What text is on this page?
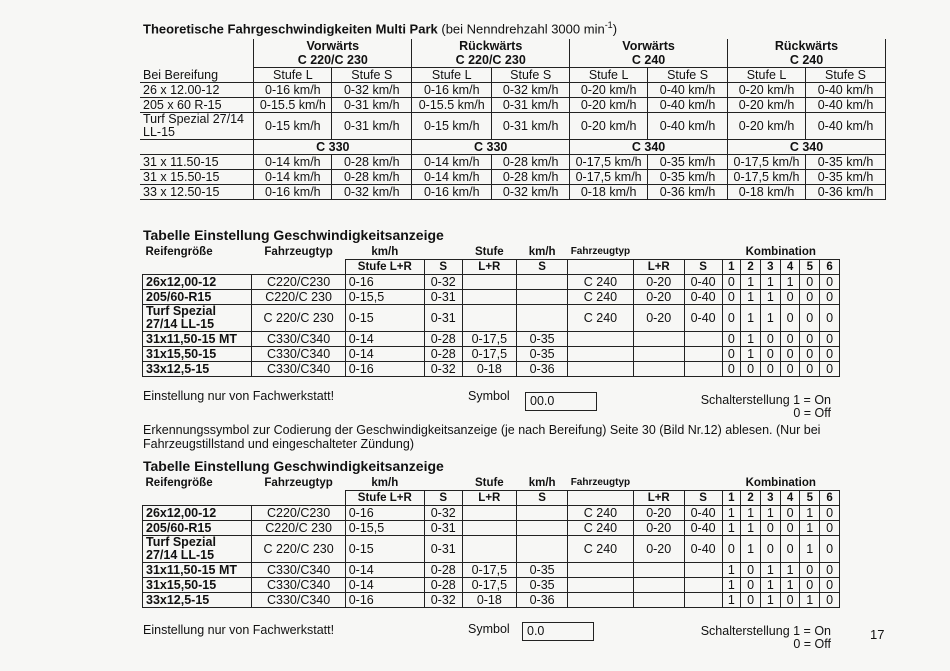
Theoretische Fahrgeschwindigkeiten Multi Park (bei Nenndrehzahl 3000 $\min^{-1}$)
	Vorwärts		Rückwärts		Vorwärts		Rückwärts	
	C 220/C 230		C 220/C 230		C 240		C 240	
Bei Bereifung	Stufe L	Stufe S	Stufe L	Stufe S	Stufe L	Stufe S	Stufe L	Stufe S
26 x 12.00-12	0-16 km/h	0-32 km/h	0-16 km/h	0-32 km/h	0-20 km/h	0-40 km/h	0-20 km/h	0-40 km/h
205 x 60 R-15	0-15.5 km/h	0-31 km/h	0-15.5 km/h	0-31 km/h	0-20 km/h	0-40 km/h	0-20 km/h	0-40 km/h
Turf Spezial 27/14 LL-15	0-15 km/h	0-31 km/h	0-15 km/h	0-31 km/h	0-20 km/h	0-40 km/h	0-20 km/h	0-40 km/h
	C 330		C 330		C 340		C 340	
31 x 11.50-15	0-14 km/h	0-28 km/h	0-14 km/h	0-28 km/h	0-17,5 km/h	0-35 km/h	0-17,5 km/h	0-35 km/h
31 x 15.50-15	0-14 km/h	0-28 km/h	0-14 km/h	0-28 km/h	0-17,5 km/h	0-35 km/h	0-17,5 km/h	0-35 km/h
33 x 12.50-15	0-16 km/h	0-32 km/h	0-16 km/h	0-32 km/h	0-18 km/h	0-36 km/h	0-18 km/h	0-36 km/h
Tabelle Einstellung Geschwindigkeitsanzeige
Reifengröße	Fahrzeugtyp	km/h		Stufe	km/h	Fahrzeugtyp			Kombination					
		Stufe L+R	S	L+R	S		L+R	S	1	2	3	4	5	6
26x12,00-12	C220/C230	0-16	0-32			C 240	0-20	0-40	0	1	1	1	0	0
205/60-R15	C220/C 230	0-15,5	0-31			C 240	0-20	0-40	0	1	1	0	0	0
Turf Spezial 27/14 LL-15	C 220/C 230	0-15	0-31			C 240	0-20	0-40	0	1	1	0	0	0
31x11,50-15 MT	C330/C340	0-14	0-28	0-17,5	0-35				0	1	0	0	0	0
31x15,50-15	C330/C340	0-14	0-28	0-17,5	0-35				0	1	0	0	0	0
33x12,5-15	C330/C340	0-16	0-32	0-18	0-36				0	0	0	0	0	0
Einstellung nur von Fachwerkstatt!	Symbol	00.0	Schalterstellung 1 = On
0 = Off
Erkennungssymbol zur Codierung der Geschwindigkeitsanzeige (je nach Bereifung) Seite 30 (Bild Nr.12) ablesen. (Nur bei Fahrzeugstillstand und eingeschalteter Zündung)
Tabelle Einstellung Geschwindigkeitsanzeige
Reifengröße	Fahrzeugtyp	km/h		Stufe	km/h	Fahrzeugtyp			Kombination					
		Stufe L+R	S	L+R	S		L+R	S	1	2	3	4	5	6
26x12,00-12	C220/C230	0-16	0-32			C 240	0-20	0-40	1	1	1	0	1	0
205/60-R15	C220/C 230	0-15,5	0-31			C 240	0-20	0-40	1	1	0	0	1	0
Turf Spezial 27/14 LL-15	C 220/C 230	0-15	0-31			C 240	0-20	0-40	0	1	0	0	1	0
31x11,50-15 MT	C330/C340	0-14	0-28	0-17,5	0-35				1	0	1	1	0	0
31x15,50-15	C330/C340	0-14	0-28	0-17,5	0-35				1	0	1	1	0	0
33x12,5-15	C330/C340	0-16	0-32	0-18	0-36				1	0	1	0	1	0
Einstellung nur von Fachwerkstatt!	Symbol	0.0	Schalterstellung 1 = On
0 = Off
17
